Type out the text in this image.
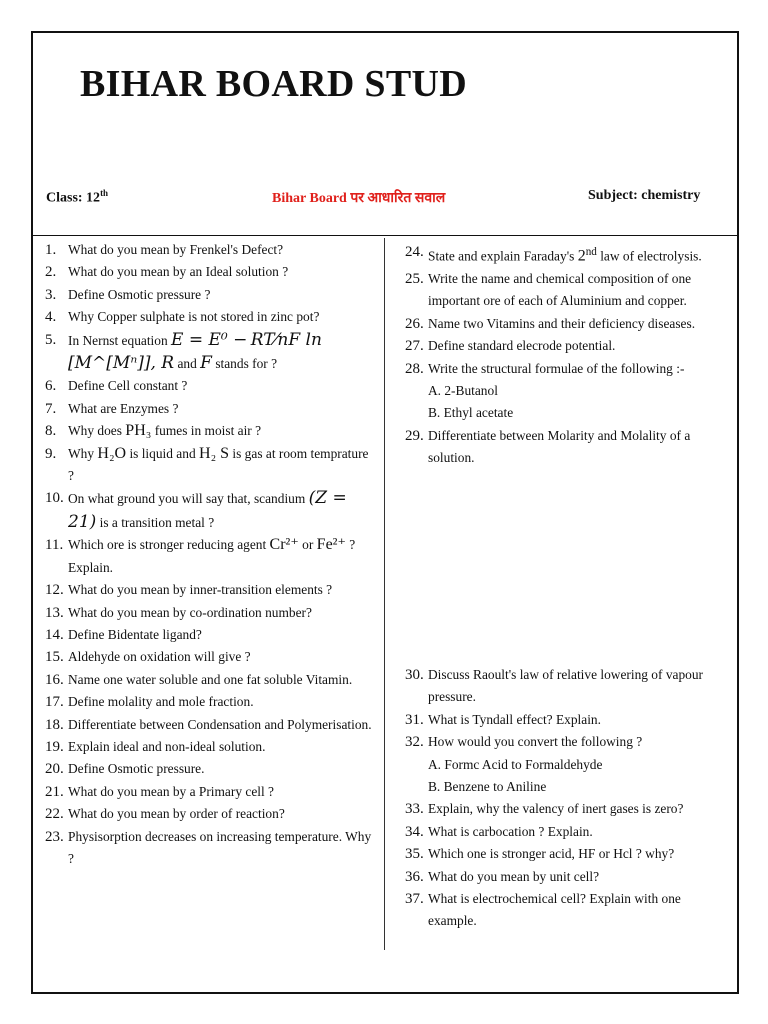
BIHAR BOARD STUD
Class: 12th	Bihar Board पर आधारित सवाल	Subject: chemistry
1. What do you mean by Frenkel's Defect?
2. What do you mean by an Ideal solution ?
3. Define Osmotic pressure ?
4. Why Copper sulphate is not stored in zinc pot?
5. In Nernst equation E = E⁰ − RT⁄nF ln [M^[Mⁿ]], R and F stands for ?
6. Define Cell constant ?
7. What are Enzymes ?
8. Why does PH₃ fumes in moist air ?
9. Why H₂O is liquid and H₂ S is gas at room temprature ?
10. On what ground you will say that, scandium (Z = 21) is a transition metal ?
11. Which ore is stronger reducing agent Cr²⁺ or Fe²⁺ ? Explain.
12. What do you mean by inner-transition elements ?
13. What do you mean by co-ordination number?
14. Define Bidentate ligand?
15. Aldehyde on oxidation will give ?
16. Name one water soluble and one fat soluble Vitamin.
17. Define molality and mole fraction.
18. Differentiate between Condensation and Polymerisation.
19. Explain ideal and non-ideal solution.
20. Define Osmotic pressure.
21. What do you mean by a Primary cell ?
22. What do you mean by order of reaction?
23. Physisorption decreases on increasing temperature. Why ?
24. State and explain Faraday's 2nd law of electrolysis.
25. Write the name and chemical composition of one important ore of each of Aluminium and copper.
26. Name two Vitamins and their deficiency diseases.
27. Define standard elecrode potential.
28. Write the structural formulae of the following :-
A. 2-Butanol
B. Ethyl acetate
29. Differentiate between Molarity and Molality of a solution.
30. Discuss Raoult's law of relative lowering of vapour pressure.
31. What is Tyndall effect? Explain.
32. How would you convert the following ?
A. Formc Acid to Formaldehyde
B. Benzene to Aniline
33. Explain, why the valency of inert gases is zero?
34. What is carbocation ? Explain.
35. Which one is stronger acid, HF or Hcl ? why?
36. What do you mean by unit cell?
37. What is electrochemical cell? Explain with one example.
